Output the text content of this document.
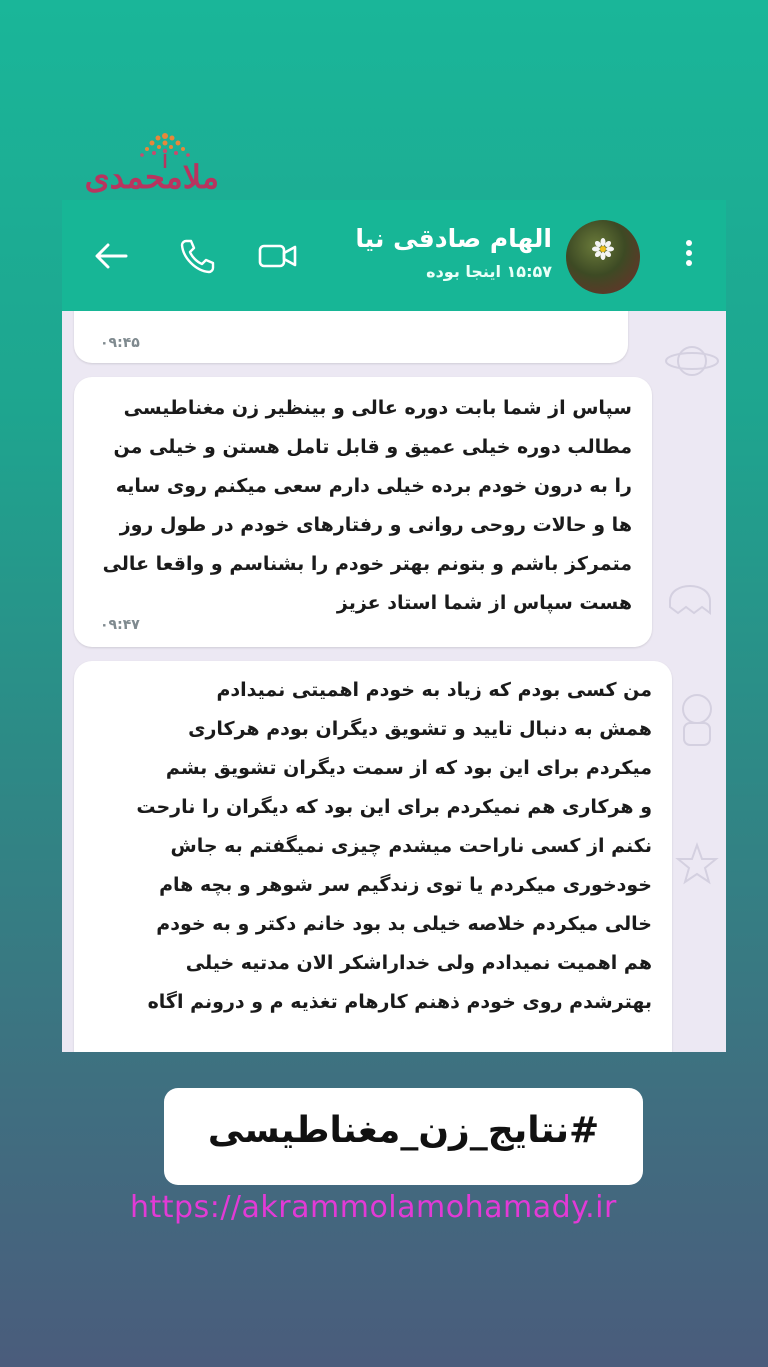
ملامحمدی
الهام صادقی نیا
۱۵:۵۷ اینجا بوده
۰۹:۴۵
سپاس از شما بابت دوره عالی و بینظیر زن مغناطیسی
مطالب دوره خیلی عمیق و قابل تامل هستن و خیلی من
را به درون خودم برده خیلی دارم سعی میکنم روی سایه
ها و حالات روحی روانی و رفتارهای خودم در طول روز
متمرکز باشم و بتونم بهتر خودم را بشناسم و واقعا عالی
هست سپاس از شما استاد عزیز
۰۹:۴۷
من کسی بودم که زیاد به خودم اهمیتی نمیدادم
همش به دنبال تایید و تشویق دیگران بودم هرکاری
میکردم برای این بود که از سمت دیگران تشویق بشم
و هرکاری هم نمیکردم برای این بود که دیگران را نارحت
نکنم از کسی ناراحت میشدم چیزی نمیگفتم به جاش
خودخوری میکردم یا توی زندگیم سر شوهر و بچه هام
خالی میکردم خلاصه خیلی بد بود خانم دکتر و به خودم
هم اهمیت نمیدادم ولی خداراشکر الان مدتیه خیلی
بهترشدم روی خودم ذهنم کارهام تغذیه م و درونم اگاه
#نتایج_زن_مغناطیسی
https://akrammolamohamady.ir
